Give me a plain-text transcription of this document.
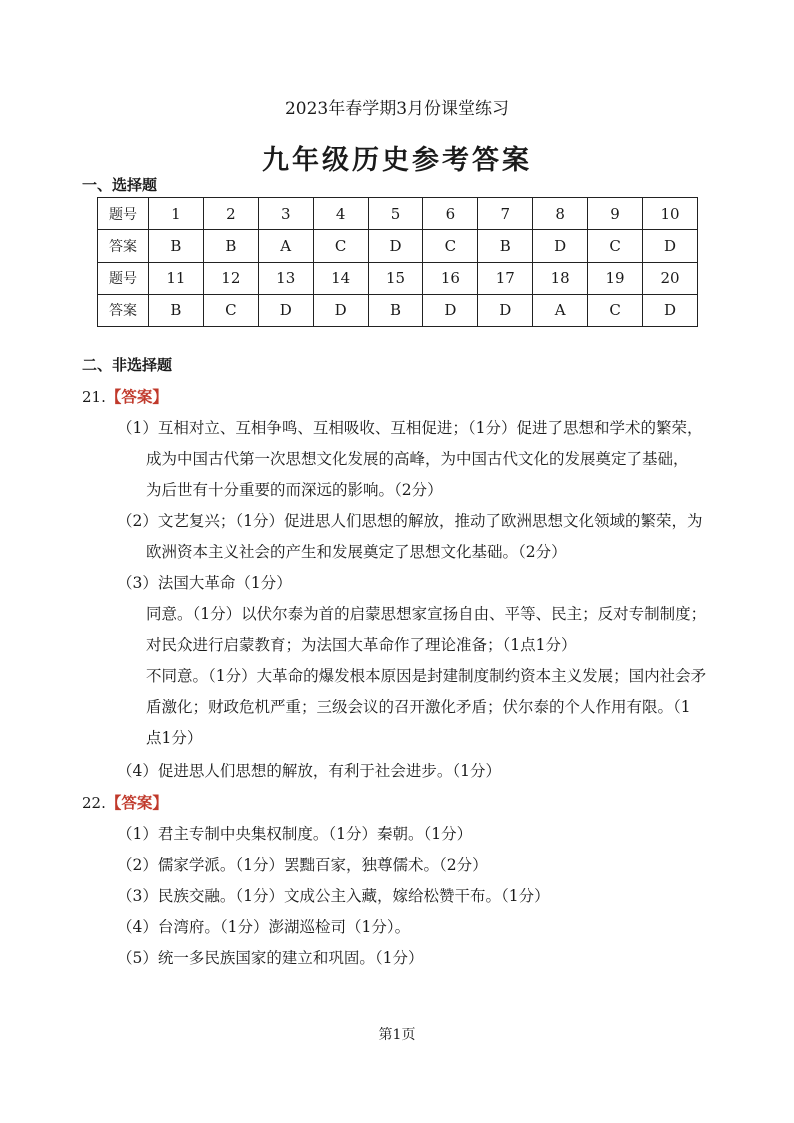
2023年春学期3月份课堂练习
九年级历史参考答案
一、选择题
题号	1	2	3	4	5	6	7	8	9	10
答案	B	B	A	C	D	C	B	D	C	D
题号	11	12	13	14	15	16	17	18	19	20
答案	B	C	D	D	B	D	D	A	C	D
二、非选择题
21.【答案】
（1）互相对立、互相争鸣、互相吸收、互相促进；（1分）促进了思想和学术的繁荣，
成为中国古代第一次思想文化发展的高峰，为中国古代文化的发展奠定了基础，
为后世有十分重要的而深远的影响。（2分）
（2）文艺复兴；（1分）促进思人们思想的解放，推动了欧洲思想文化领域的繁荣，为
欧洲资本主义社会的产生和发展奠定了思想文化基础。（2分）
（3）法国大革命（1分）
同意。（1分）以伏尔泰为首的启蒙思想家宣扬自由、平等、民主；反对专制制度；
对民众进行启蒙教育；为法国大革命作了理论准备；（1点1分）
不同意。（1分）大革命的爆发根本原因是封建制度制约资本主义发展；国内社会矛
盾激化；财政危机严重；三级会议的召开激化矛盾；伏尔泰的个人作用有限。（1
点1分）
（4）促进思人们思想的解放，有利于社会进步。（1分）
22.【答案】
（1）君主专制中央集权制度。（1分）秦朝。（1分）
（2）儒家学派。（1分）罢黜百家，独尊儒术。（2分）
（3）民族交融。（1分）文成公主入藏，嫁给松赞干布。（1分）
（4）台湾府。（1分）澎湖巡检司（1分）。
（5）统一多民族国家的建立和巩固。（1分）
第1页
